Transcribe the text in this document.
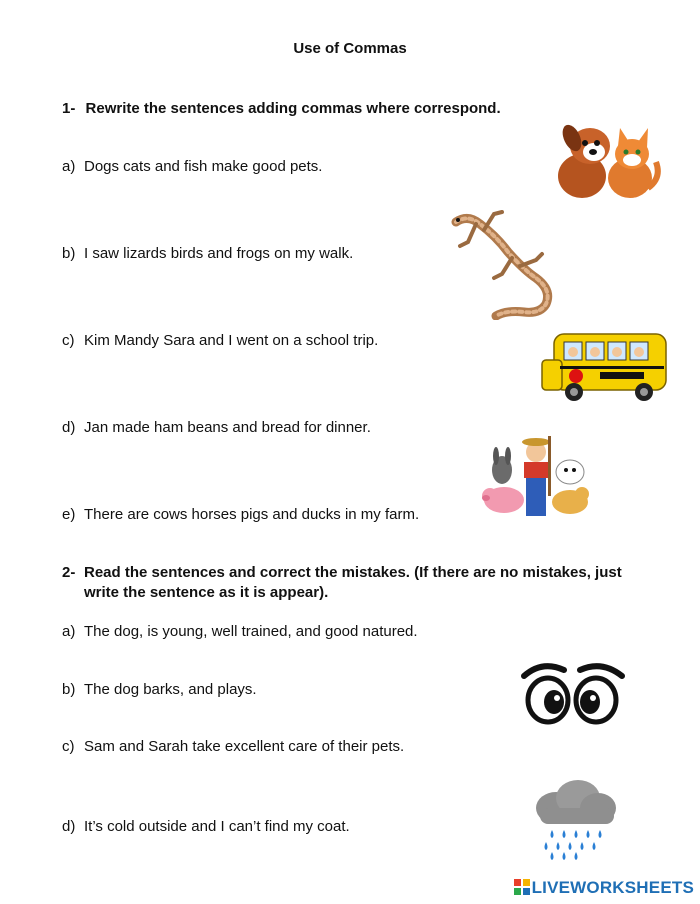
Use of Commas
1- Rewrite the sentences adding commas where correspond.
a) Dogs cats and fish make good pets.
b) I saw lizards birds and frogs on my walk.
c) Kim Mandy Sara and I went on a school trip.
d) Jan made ham beans and bread for dinner.
e) There are cows horses pigs and ducks in my farm.
2- Read the sentences and correct the mistakes. (If there are no mistakes, just
write the sentence as it is appear).
a) The dog, is young, well trained, and good natured.
b) The dog barks, and plays.
c) Sam and Sarah take excellent care of their pets.
d) It’s cold outside and I can’t find my coat.
LIVEWORKSHEETS
